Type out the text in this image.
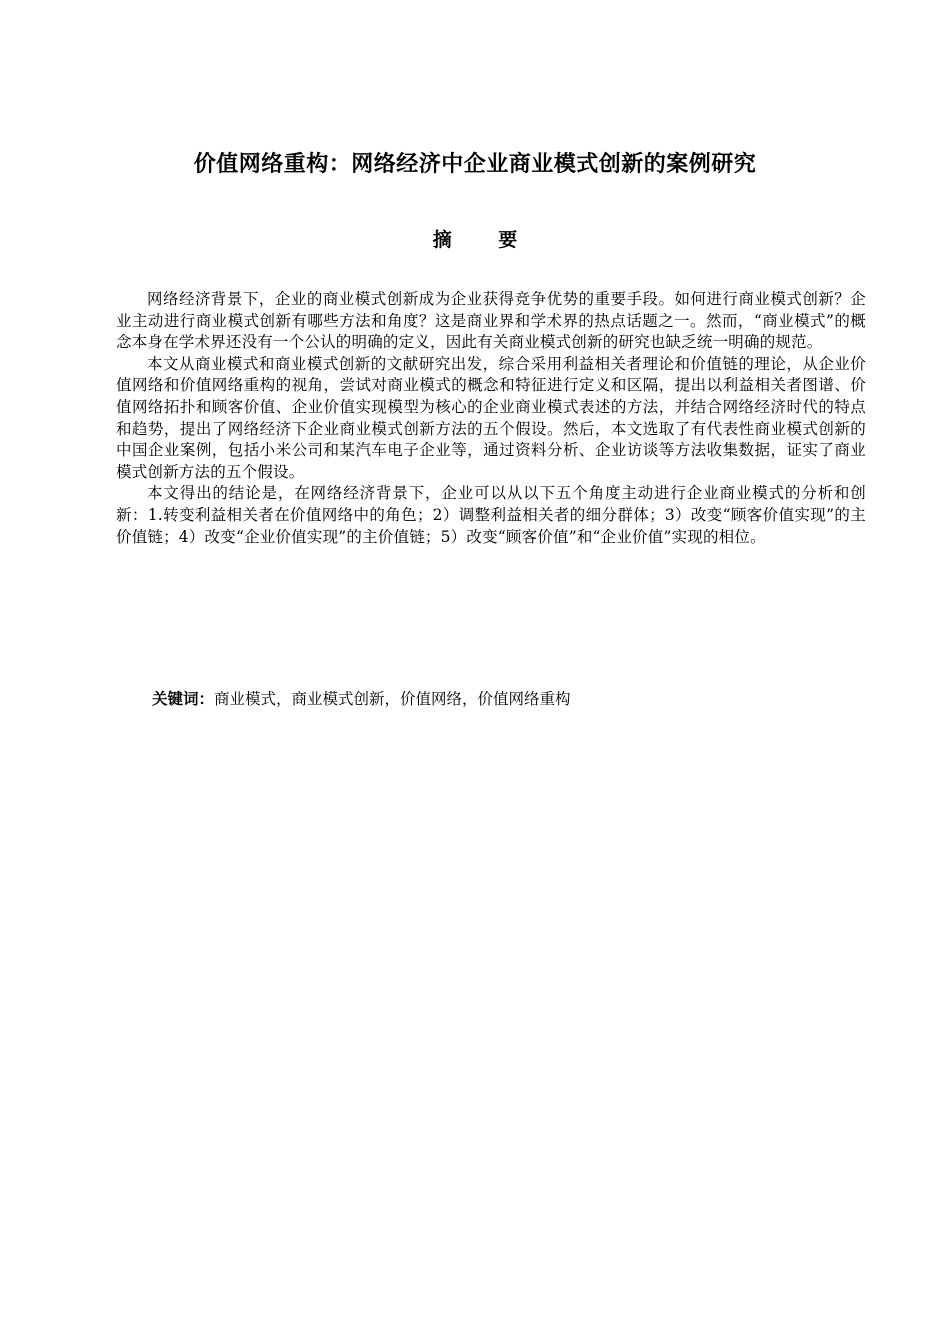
价值网络重构：网络经济中企业商业模式创新的案例研究
摘 要

网络经济背景下，企业的商业模式创新成为企业获得竞争优势的重要手段。如何进行商业模式创新？企业主动进行商业模式创新有哪些方法和角度？这是商业界和学术界的热点话题之一。然而，“商业模式”的概念本身在学术界还没有一个公认的明确的定义，因此有关商业模式创新的研究也缺乏统一明确的规范。

本文从商业模式和商业模式创新的文献研究出发，综合采用利益相关者理论和价值链的理论，从企业价值网络和价值网络重构的视角，尝试对商业模式的概念和特征进行定义和区隔，提出以利益相关者图谱、价值网络拓扑和顾客价值、企业价值实现模型为核心的企业商业模式表述的方法，并结合网络经济时代的特点和趋势，提出了网络经济下企业商业模式创新方法的五个假设。然后，本文选取了有代表性商业模式创新的中国企业案例，包括小米公司和某汽车电子企业等，通过资料分析、企业访谈等方法收集数据，证实了商业模式创新方法的五个假设。

本文得出的结论是，在网络经济背景下，企业可以从以下五个角度主动进行企业商业模式的分析和创新：1.转变利益相关者在价值网络中的角色；2）调整利益相关者的细分群体；3）改变“顾客价值实现”的主价值链；4）改变“企业价值实现”的主价值链；5）改变“顾客价值”和“企业价值”实现的相位。

关键词：商业模式，商业模式创新，价值网络，价值网络重构
